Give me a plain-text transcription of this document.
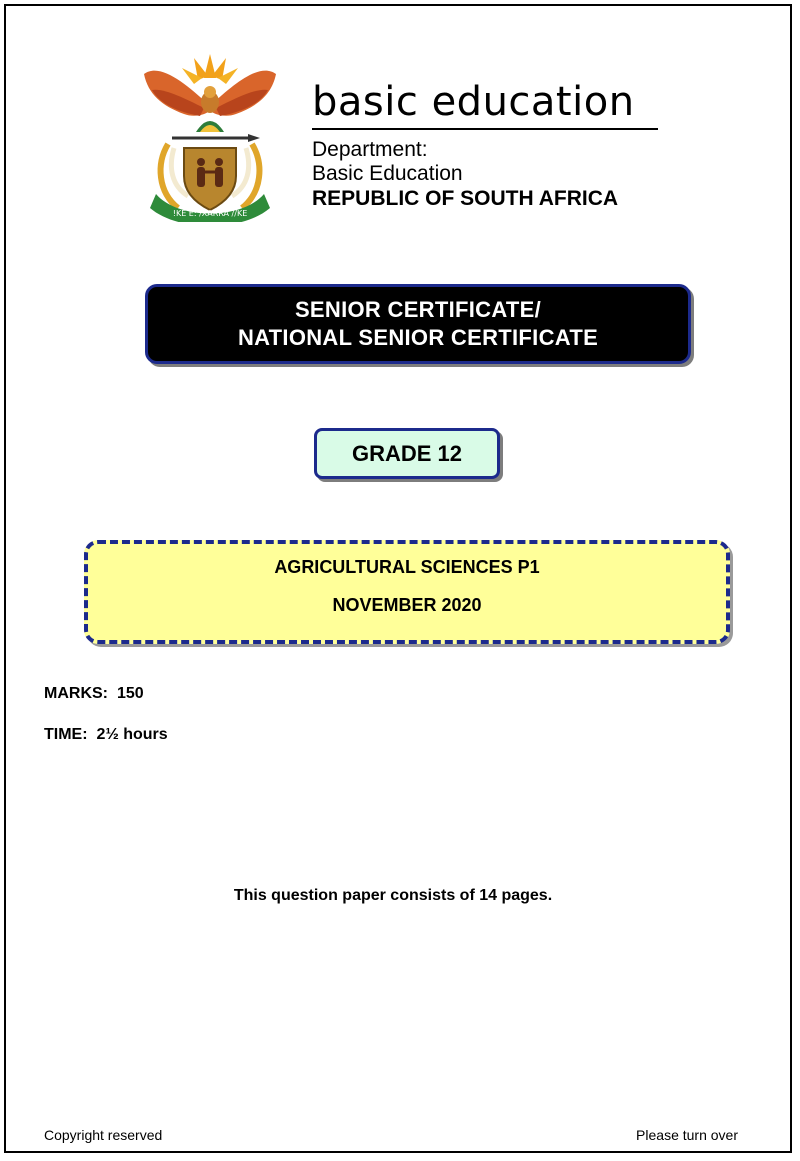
!KE E: /XARRA //KE

basic education

Department:

Basic Education

REPUBLIC OF SOUTH AFRICA

SENIOR CERTIFICATE/

NATIONAL SENIOR CERTIFICATE

GRADE 12

AGRICULTURAL SCIENCES P1

NOVEMBER 2020

MARKS: 150
TIME: 2½ hours
This question paper consists of 14 pages.
Copyright reserved	Please turn over
